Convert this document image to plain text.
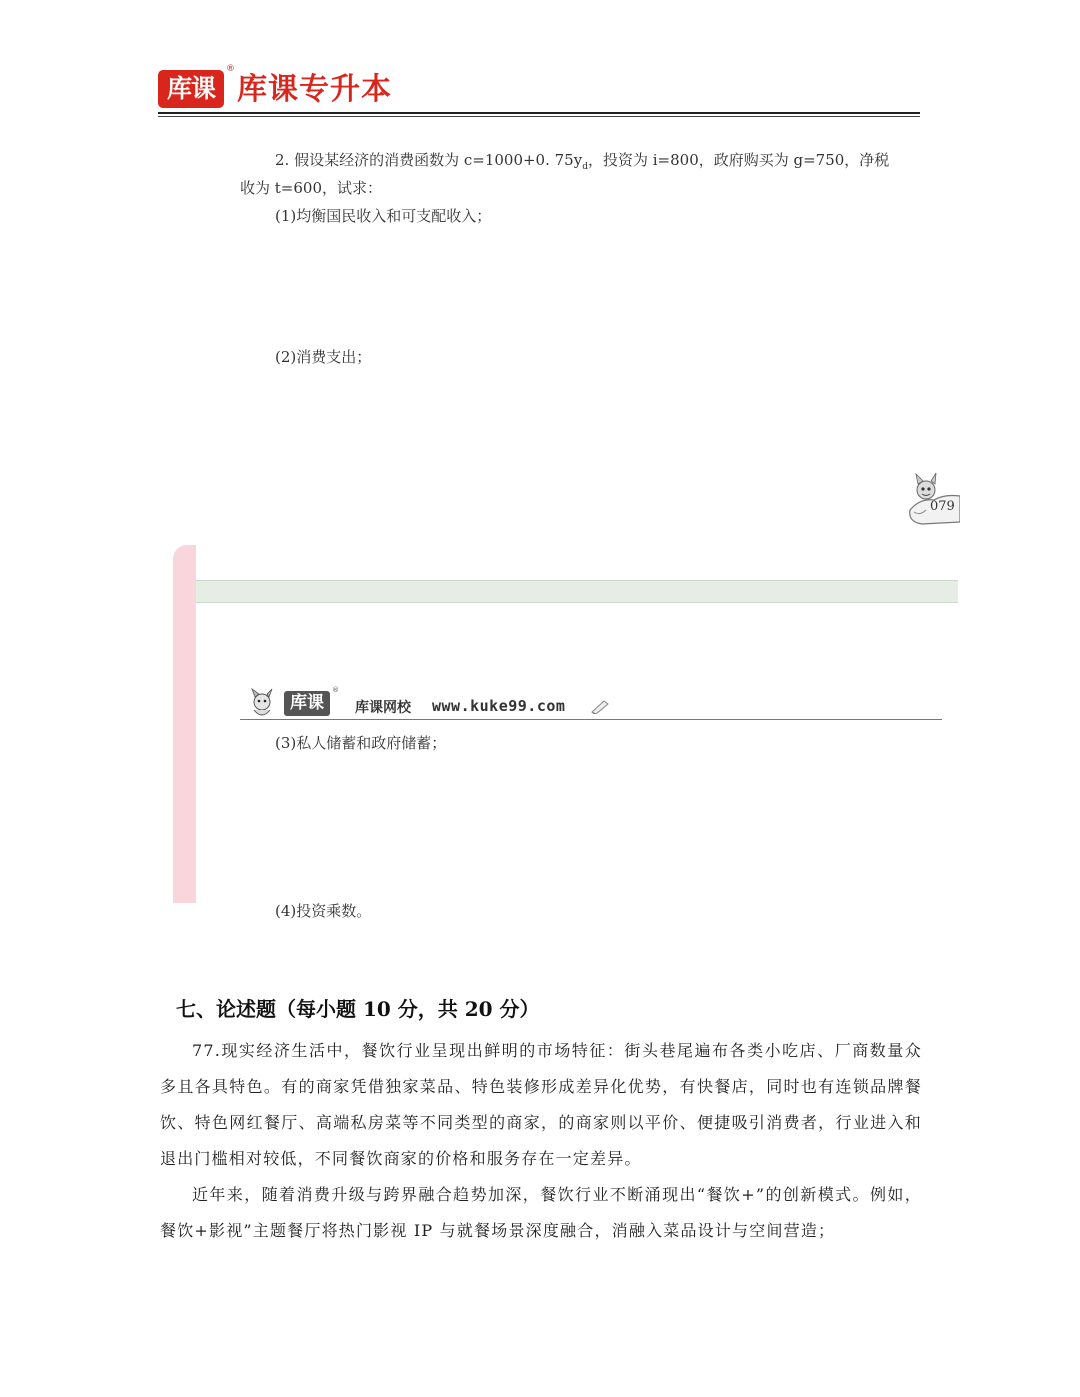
库课
®
库课专升本
2. 假设某经济的消费函数为 c=1000+0. $75y_d$，投资为 i=800，政府购买为 g=750，净税
收为 t=600，试求：
(1)均衡国民收入和可支配收入；
(2)消费支出；
079
库课
®
库课网校 www.kuke99.com
(3)私人储蓄和政府储蓄；
(4)投资乘数。
七、论述题（每小题 10 分，共 20 分）
77.现实经济生活中，餐饮行业呈现出鲜明的市场特征：街头巷尾遍布各类小吃店、厂商数量众多且各具特色。有的商家凭借独家菜品、特色装修形成差异化优势，有快餐店，同时也有连锁品牌餐饮、特色网红餐厅、高端私房菜等不同类型的商家，的商家则以平价、便捷吸引消费者，行业进入和退出门槛相对较低，不同餐饮商家的价格和服务存在一定差异。
近年来，随着消费升级与跨界融合趋势加深，餐饮行业不断涌现出“餐饮+”的创新模式。例如，餐饮+影视”主题餐厅将热门影视 IP 与就餐场景深度融合，消融入菜品设计与空间营造；
